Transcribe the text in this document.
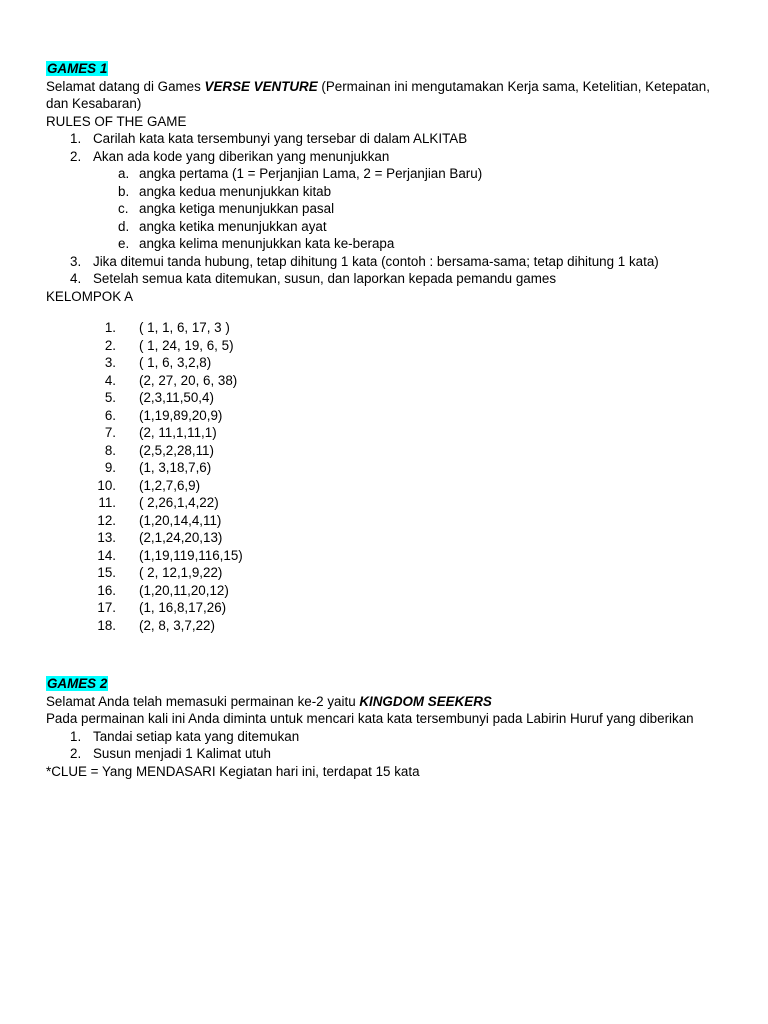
GAMES 1

Selamat datang di Games VERSE VENTURE (Permainan ini mengutamakan Kerja sama, Ketelitian, Ketepatan, dan Kesabaran)

RULES OF THE GAME

1. Carilah kata kata tersembunyi yang tersebar di dalam ALKITAB
2. Akan ada kode yang diberikan yang menunjukkan
a. angka pertama (1 = Perjanjian Lama, 2 = Perjanjian Baru)
b. angka kedua menunjukkan kitab
c. angka ketiga menunjukkan pasal
d. angka ketika menunjukkan ayat
e. angka kelima menunjukkan kata ke-berapa
3. Jika ditemui tanda hubung, tetap dihitung 1 kata (contoh : bersama-sama; tetap dihitung 1 kata)
4. Setelah semua kata ditemukan, susun, dan laporkan kepada pemandu games

KELOMPOK A

1. ( 1, 1, 6, 17, 3 )
2. ( 1, 24, 19, 6, 5)
3. ( 1, 6, 3,2,8)
4. (2, 27, 20, 6, 38)
5. (2,3,11,50,4)
6. (1,19,89,20,9)
7. (2, 11,1,11,1)
8. (2,5,2,28,11)
9. (1, 3,18,7,6)
10. (1,2,7,6,9)
11. ( 2,26,1,4,22)
12. (1,20,14,4,11)
13. (2,1,24,20,13)
14. (1,19,119,116,15)
15. ( 2, 12,1,9,22)
16. (1,20,11,20,12)
17. (1, 16,8,17,26)
18. (2, 8, 3,7,22)

GAMES 2

Selamat Anda telah memasuki permainan ke-2 yaitu KINGDOM SEEKERS

Pada permainan kali ini Anda diminta untuk mencari kata kata tersembunyi pada Labirin Huruf yang diberikan

1. Tandai setiap kata yang ditemukan
2. Susun menjadi 1 Kalimat utuh

*CLUE = Yang MENDASARI Kegiatan hari ini, terdapat 15 kata
